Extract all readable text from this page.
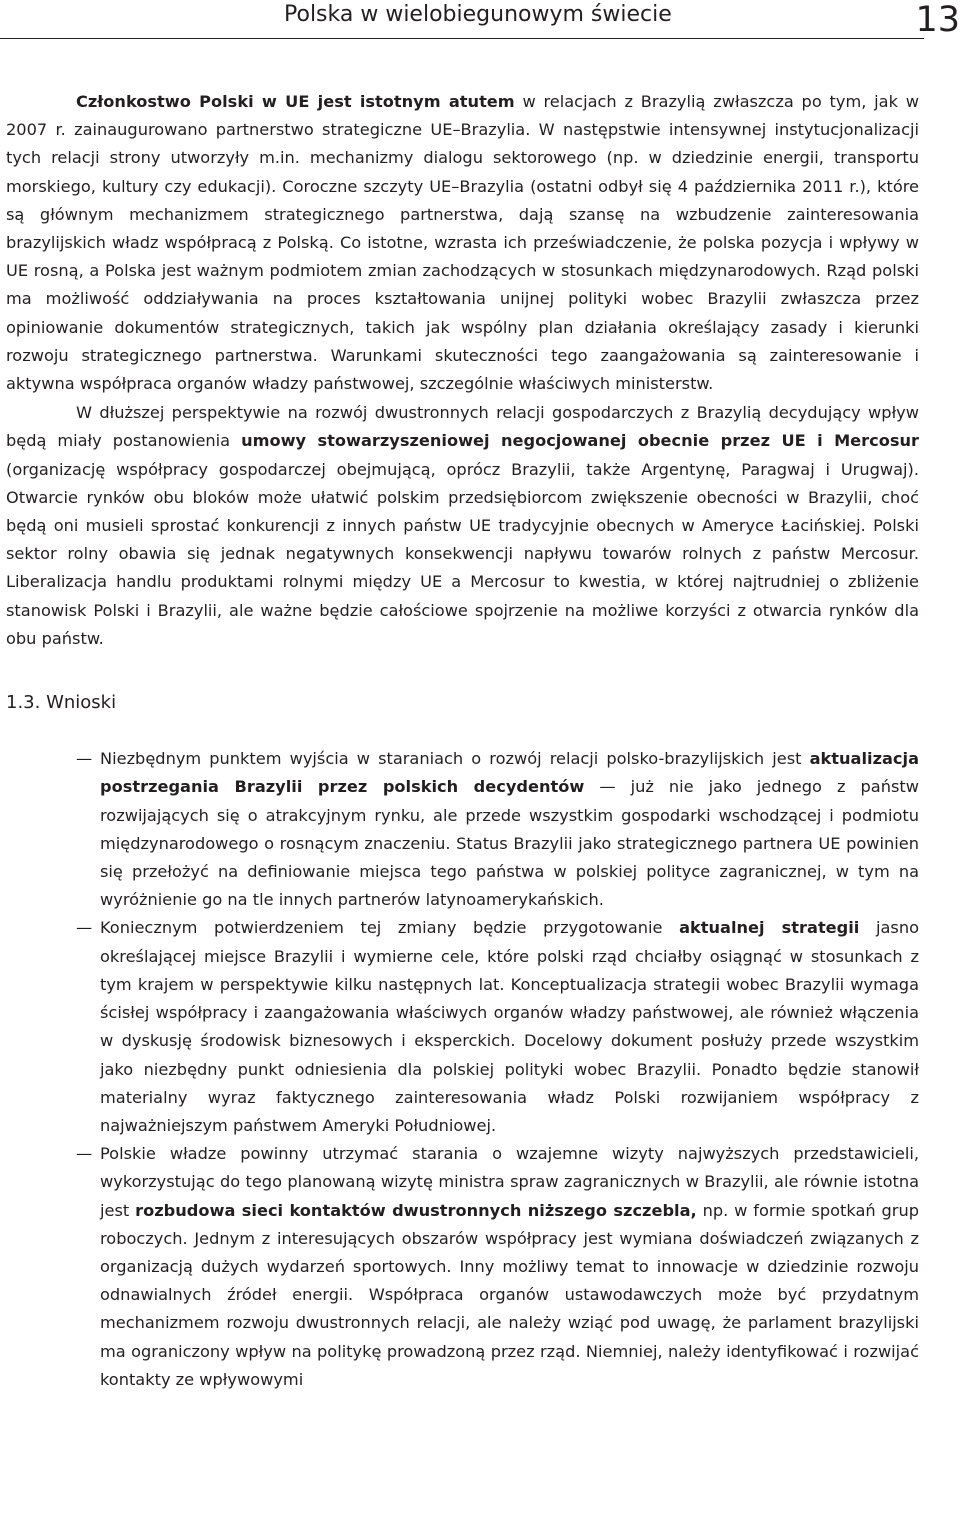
Polska w wielobiegunowym świecie	13

Członkostwo Polski w UE jest istotnym atutem w relacjach z Brazylią zwłaszcza po tym, jak w 2007 r. zainaugurowano partnerstwo strategiczne UE–Brazylia. W następstwie intensywnej instytucjonalizacji tych relacji strony utworzyły m.in. mechanizmy dialogu sektorowego (np. w dziedzinie energii, transportu morskiego, kultury czy edukacji). Coroczne szczyty UE–Brazylia (ostatni odbył się 4 października 2011 r.), które są głównym mechanizmem strategicznego partnerstwa, dają szansę na wzbudzenie zainteresowania brazylijskich władz współpracą z Polską. Co istotne, wzrasta ich przeświadczenie, że polska pozycja i wpływy w UE rosną, a Polska jest ważnym podmiotem zmian zachodzących w stosunkach międzynarodowych. Rząd polski ma możliwość oddziaływania na proces kształtowania unijnej polityki wobec Brazylii zwłaszcza przez opiniowanie dokumentów strategicznych, takich jak wspólny plan działania określający zasady i kierunki rozwoju strategicznego partnerstwa. Warunkami skuteczności tego zaangażowania są zainteresowanie i aktywna współpraca organów władzy państwowej, szczególnie właściwych ministerstw.

W dłuższej perspektywie na rozwój dwustronnych relacji gospodarczych z Brazylią decydujący wpływ będą miały postanowienia umowy stowarzyszeniowej negocjowanej obecnie przez UE i Mercosur (organizację współpracy gospodarczej obejmującą, oprócz Brazylii, także Argentynę, Paragwaj i Urugwaj). Otwarcie rynków obu bloków może ułatwić polskim przedsiębiorcom zwiększenie obecności w Brazylii, choć będą oni musieli sprostać konkurencji z innych państw UE tradycyjnie obecnych w Ameryce Łacińskiej. Polski sektor rolny obawia się jednak negatywnych konsekwencji napływu towarów rolnych z państw Mercosur. Liberalizacja handlu produktami rolnymi między UE a Mercosur to kwestia, w której najtrudniej o zbliżenie stanowisk Polski i Brazylii, ale ważne będzie całościowe spojrzenie na możliwe korzyści z otwarcia rynków dla obu państw.

1.3. Wnioski

— Niezbędnym punktem wyjścia w staraniach o rozwój relacji polsko-brazylijskich jest aktualizacja postrzegania Brazylii przez polskich decydentów — już nie jako jednego z państw rozwijających się o atrakcyjnym rynku, ale przede wszystkim gospodarki wschodzącej i podmiotu międzynarodowego o rosnącym znaczeniu. Status Brazylii jako strategicznego partnera UE powinien się przełożyć na definiowanie miejsca tego państwa w polskiej polityce zagranicznej, w tym na wyróżnienie go na tle innych partnerów latynoamerykańskich.
— Koniecznym potwierdzeniem tej zmiany będzie przygotowanie aktualnej strategii jasno określającej miejsce Brazylii i wymierne cele, które polski rząd chciałby osiągnąć w stosunkach z tym krajem w perspektywie kilku następnych lat. Konceptualizacja strategii wobec Brazylii wymaga ścisłej współpracy i zaangażowania właściwych organów władzy państwowej, ale również włączenia w dyskusję środowisk biznesowych i eksperckich. Docelowy dokument posłuży przede wszystkim jako niezbędny punkt odniesienia dla polskiej polityki wobec Brazylii. Ponadto będzie stanowił materialny wyraz faktycznego zainteresowania władz Polski rozwijaniem współpracy z najważniejszym państwem Ameryki Południowej.
— Polskie władze powinny utrzymać starania o wzajemne wizyty najwyższych przedstawicieli, wykorzystując do tego planowaną wizytę ministra spraw zagranicznych w Brazylii, ale równie istotna jest rozbudowa sieci kontaktów dwustronnych niższego szczebla, np. w formie spotkań grup roboczych. Jednym z interesujących obszarów współpracy jest wymiana doświadczeń związanych z organizacją dużych wydarzeń sportowych. Inny możliwy temat to innowacje w dziedzinie rozwoju odnawialnych źródeł energii. Współpraca organów ustawodawczych może być przydatnym mechanizmem rozwoju dwustronnych relacji, ale należy wziąć pod uwagę, że parlament brazylijski ma ograniczony wpływ na politykę prowadzoną przez rząd. Niemniej, należy identyfikować i rozwijać kontakty ze wpływowymi
